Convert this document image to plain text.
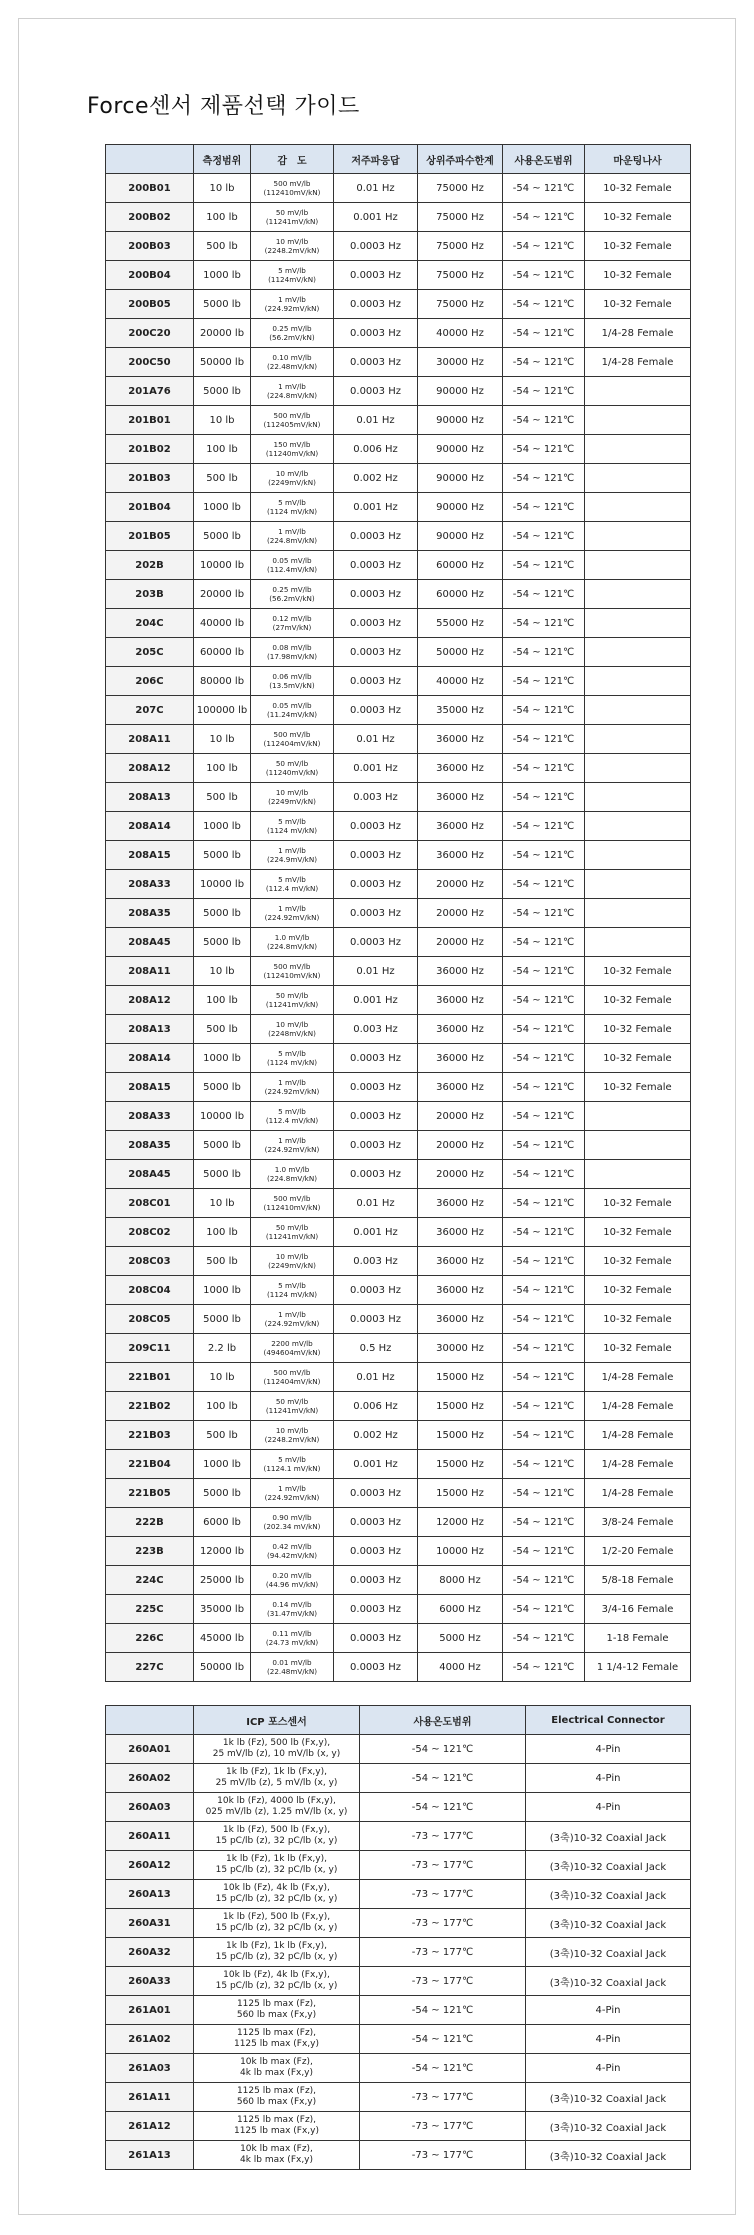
Force센서 제품선택 가이드
	측정범위	감　도	저주파응답	상위주파수한계	사용온도범위	마운팅나사
200B01	10 lb	500 mV/lb
(112410mV/kN)	0.01 Hz	75000 Hz	-54 ~ 121℃	10-32 Female
200B02	100 lb	50 mV/lb
(11241mV/kN)	0.001 Hz	75000 Hz	-54 ~ 121℃	10-32 Female
200B03	500 lb	10 mV/lb
(2248.2mV/kN)	0.0003 Hz	75000 Hz	-54 ~ 121℃	10-32 Female
200B04	1000 lb	5 mV/lb
(1124mV/kN)	0.0003 Hz	75000 Hz	-54 ~ 121℃	10-32 Female
200B05	5000 lb	1 mV/lb
(224.92mV/kN)	0.0003 Hz	75000 Hz	-54 ~ 121℃	10-32 Female
200C20	20000 lb	0.25 mV/lb
(56.2mV/kN)	0.0003 Hz	40000 Hz	-54 ~ 121℃	1/4-28 Female
200C50	50000 lb	0.10 mV/lb
(22.48mV/kN)	0.0003 Hz	30000 Hz	-54 ~ 121℃	1/4-28 Female
201A76	5000 lb	1 mV/lb
(224.8mV/kN)	0.0003 Hz	90000 Hz	-54 ~ 121℃	
201B01	10 lb	500 mV/lb
(112405mV/kN)	0.01 Hz	90000 Hz	-54 ~ 121℃	
201B02	100 lb	150 mV/lb
(11240mV/kN)	0.006 Hz	90000 Hz	-54 ~ 121℃	
201B03	500 lb	10 mV/lb
(2249mV/kN)	0.002 Hz	90000 Hz	-54 ~ 121℃	
201B04	1000 lb	5 mV/lb
(1124 mV/kN)	0.001 Hz	90000 Hz	-54 ~ 121℃	
201B05	5000 lb	1 mV/lb
(224.8mV/kN)	0.0003 Hz	90000 Hz	-54 ~ 121℃	
202B	10000 lb	0.05 mV/lb
(112.4mV/kN)	0.0003 Hz	60000 Hz	-54 ~ 121℃	
203B	20000 lb	0.25 mV/lb
(56.2mV/kN)	0.0003 Hz	60000 Hz	-54 ~ 121℃	
204C	40000 lb	0.12 mV/lb
(27mV/kN)	0.0003 Hz	55000 Hz	-54 ~ 121℃	
205C	60000 lb	0.08 mV/lb
(17.98mV/kN)	0.0003 Hz	50000 Hz	-54 ~ 121℃	
206C	80000 lb	0.06 mV/lb
(13.5mV/kN)	0.0003 Hz	40000 Hz	-54 ~ 121℃	
207C	100000 lb	0.05 mV/lb
(11.24mV/kN)	0.0003 Hz	35000 Hz	-54 ~ 121℃	
208A11	10 lb	500 mV/lb
(112404mV/kN)	0.01 Hz	36000 Hz	-54 ~ 121℃	
208A12	100 lb	50 mV/lb
(11240mV/kN)	0.001 Hz	36000 Hz	-54 ~ 121℃	
208A13	500 lb	10 mV/lb
(2249mV/kN)	0.003 Hz	36000 Hz	-54 ~ 121℃	
208A14	1000 lb	5 mV/lb
(1124 mV/kN)	0.0003 Hz	36000 Hz	-54 ~ 121℃	
208A15	5000 lb	1 mV/lb
(224.9mV/kN)	0.0003 Hz	36000 Hz	-54 ~ 121℃	
208A33	10000 lb	5 mV/lb
(112.4 mV/kN)	0.0003 Hz	20000 Hz	-54 ~ 121℃	
208A35	5000 lb	1 mV/lb
(224.92mV/kN)	0.0003 Hz	20000 Hz	-54 ~ 121℃	
208A45	5000 lb	1.0 mV/lb
(224.8mV/kN)	0.0003 Hz	20000 Hz	-54 ~ 121℃	
208A11	10 lb	500 mV/lb
(112410mV/kN)	0.01 Hz	36000 Hz	-54 ~ 121℃	10-32 Female
208A12	100 lb	50 mV/lb
(11241mV/kN)	0.001 Hz	36000 Hz	-54 ~ 121℃	10-32 Female
208A13	500 lb	10 mV/lb
(2248mV/kN)	0.003 Hz	36000 Hz	-54 ~ 121℃	10-32 Female
208A14	1000 lb	5 mV/lb
(1124 mV/kN)	0.0003 Hz	36000 Hz	-54 ~ 121℃	10-32 Female
208A15	5000 lb	1 mV/lb
(224.92mV/kN)	0.0003 Hz	36000 Hz	-54 ~ 121℃	10-32 Female
208A33	10000 lb	5 mV/lb
(112.4 mV/kN)	0.0003 Hz	20000 Hz	-54 ~ 121℃	
208A35	5000 lb	1 mV/lb
(224.92mV/kN)	0.0003 Hz	20000 Hz	-54 ~ 121℃	
208A45	5000 lb	1.0 mV/lb
(224.8mV/kN)	0.0003 Hz	20000 Hz	-54 ~ 121℃	
208C01	10 lb	500 mV/lb
(112410mV/kN)	0.01 Hz	36000 Hz	-54 ~ 121℃	10-32 Female
208C02	100 lb	50 mV/lb
(11241mV/kN)	0.001 Hz	36000 Hz	-54 ~ 121℃	10-32 Female
208C03	500 lb	10 mV/lb
(2249mV/kN)	0.003 Hz	36000 Hz	-54 ~ 121℃	10-32 Female
208C04	1000 lb	5 mV/lb
(1124 mV/kN)	0.0003 Hz	36000 Hz	-54 ~ 121℃	10-32 Female
208C05	5000 lb	1 mV/lb
(224.92mV/kN)	0.0003 Hz	36000 Hz	-54 ~ 121℃	10-32 Female
209C11	2.2 lb	2200 mV/lb
(494604mV/kN)	0.5 Hz	30000 Hz	-54 ~ 121℃	10-32 Female
221B01	10 lb	500 mV/lb
(112404mV/kN)	0.01 Hz	15000 Hz	-54 ~ 121℃	1/4-28 Female
221B02	100 lb	50 mV/lb
(11241mV/kN)	0.006 Hz	15000 Hz	-54 ~ 121℃	1/4-28 Female
221B03	500 lb	10 mV/lb
(2248.2mV/kN)	0.002 Hz	15000 Hz	-54 ~ 121℃	1/4-28 Female
221B04	1000 lb	5 mV/lb
(1124.1 mV/kN)	0.001 Hz	15000 Hz	-54 ~ 121℃	1/4-28 Female
221B05	5000 lb	1 mV/lb
(224.92mV/kN)	0.0003 Hz	15000 Hz	-54 ~ 121℃	1/4-28 Female
222B	6000 lb	0.90 mV/lb
(202.34 mV/kN)	0.0003 Hz	12000 Hz	-54 ~ 121℃	3/8-24 Female
223B	12000 lb	0.42 mV/lb
(94.42mV/kN)	0.0003 Hz	10000 Hz	-54 ~ 121℃	1/2-20 Female
224C	25000 lb	0.20 mV/lb
(44.96 mV/kN)	0.0003 Hz	8000 Hz	-54 ~ 121℃	5/8-18 Female
225C	35000 lb	0.14 mV/lb
(31.47mV/kN)	0.0003 Hz	6000 Hz	-54 ~ 121℃	3/4-16 Female
226C	45000 lb	0.11 mV/lb
(24.73 mV/kN)	0.0003 Hz	5000 Hz	-54 ~ 121℃	1-18 Female
227C	50000 lb	0.01 mV/lb
(22.48mV/kN)	0.0003 Hz	4000 Hz	-54 ~ 121℃	1 1/4-12 Female
	ICP 포스센서	사용온도범위	Electrical Connector
260A01	1k lb (Fz), 500 lb (Fx,y),
25 mV/lb (z), 10 mV/lb (x, y)	-54 ~ 121℃	4-Pin
260A02	1k lb (Fz), 1k lb (Fx,y),
25 mV/lb (z), 5 mV/lb (x, y)	-54 ~ 121℃	4-Pin
260A03	10k lb (Fz), 4000 lb (Fx,y),
025 mV/lb (z), 1.25 mV/lb (x, y)	-54 ~ 121℃	4-Pin
260A11	1k lb (Fz), 500 lb (Fx,y),
15 pC/lb (z), 32 pC/lb (x, y)	-73 ~ 177℃	(3축)10-32 Coaxial Jack
260A12	1k lb (Fz), 1k lb (Fx,y),
15 pC/lb (z), 32 pC/lb (x, y)	-73 ~ 177℃	(3축)10-32 Coaxial Jack
260A13	10k lb (Fz), 4k lb (Fx,y),
15 pC/lb (z), 32 pC/lb (x, y)	-73 ~ 177℃	(3축)10-32 Coaxial Jack
260A31	1k lb (Fz), 500 lb (Fx,y),
15 pC/lb (z), 32 pC/lb (x, y)	-73 ~ 177℃	(3축)10-32 Coaxial Jack
260A32	1k lb (Fz), 1k lb (Fx,y),
15 pC/lb (z), 32 pC/lb (x, y)	-73 ~ 177℃	(3축)10-32 Coaxial Jack
260A33	10k lb (Fz), 4k lb (Fx,y),
15 pC/lb (z), 32 pC/lb (x, y)	-73 ~ 177℃	(3축)10-32 Coaxial Jack
261A01	1125 lb max (Fz),
560 lb max (Fx,y)	-54 ~ 121℃	4-Pin
261A02	1125 lb max (Fz),
1125 lb max (Fx,y)	-54 ~ 121℃	4-Pin
261A03	10k lb max (Fz),
4k lb max (Fx,y)	-54 ~ 121℃	4-Pin
261A11	1125 lb max (Fz),
560 lb max (Fx,y)	-73 ~ 177℃	(3축)10-32 Coaxial Jack
261A12	1125 lb max (Fz),
1125 lb max (Fx,y)	-73 ~ 177℃	(3축)10-32 Coaxial Jack
261A13	10k lb max (Fz),
4k lb max (Fx,y)	-73 ~ 177℃	(3축)10-32 Coaxial Jack
